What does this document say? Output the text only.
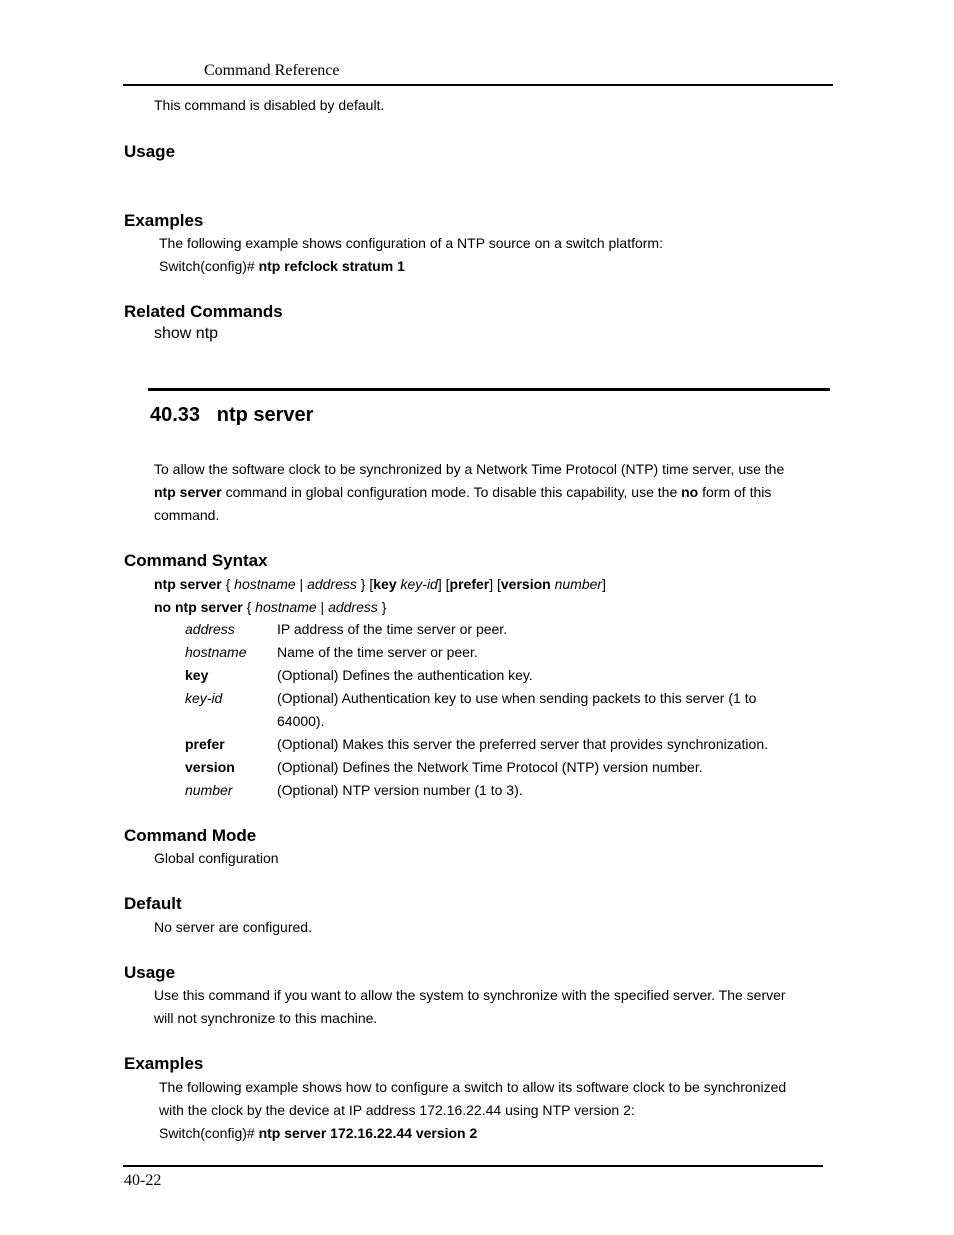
Command Reference
This command is disabled by default.
Usage
Examples
The following example shows configuration of a NTP source on a switch platform:
Switch(config)# ntp refclock stratum 1
Related Commands
show ntp
40.33 ntp server
To allow the software clock to be synchronized by a Network Time Protocol (NTP) time server, use the
ntp server command in global configuration mode. To disable this capability, use the no form of this
command.
Command Syntax
ntp server { hostname | address } [key key-id] [prefer] [version number]
no ntp server { hostname | address }
address	IP address of the time server or peer.
hostname Name of the time server or peer.
key	(Optional) Defines the authentication key.
key-id	(Optional) Authentication key to use when sending packets to this server (1 to 64000).
prefer	(Optional) Makes this server the preferred server that provides synchronization.
version	(Optional) Defines the Network Time Protocol (NTP) version number.
number	(Optional) NTP version number (1 to 3).
Command Mode
Global configuration
Default
No server are configured.
Usage
Use this command if you want to allow the system to synchronize with the specified server. The server
will not synchronize to this machine.
Examples
The following example shows how to configure a switch to allow its software clock to be synchronized
with the clock by the device at IP address 172.16.22.44 using NTP version 2:
Switch(config)# ntp server 172.16.22.44 version 2
40-22
